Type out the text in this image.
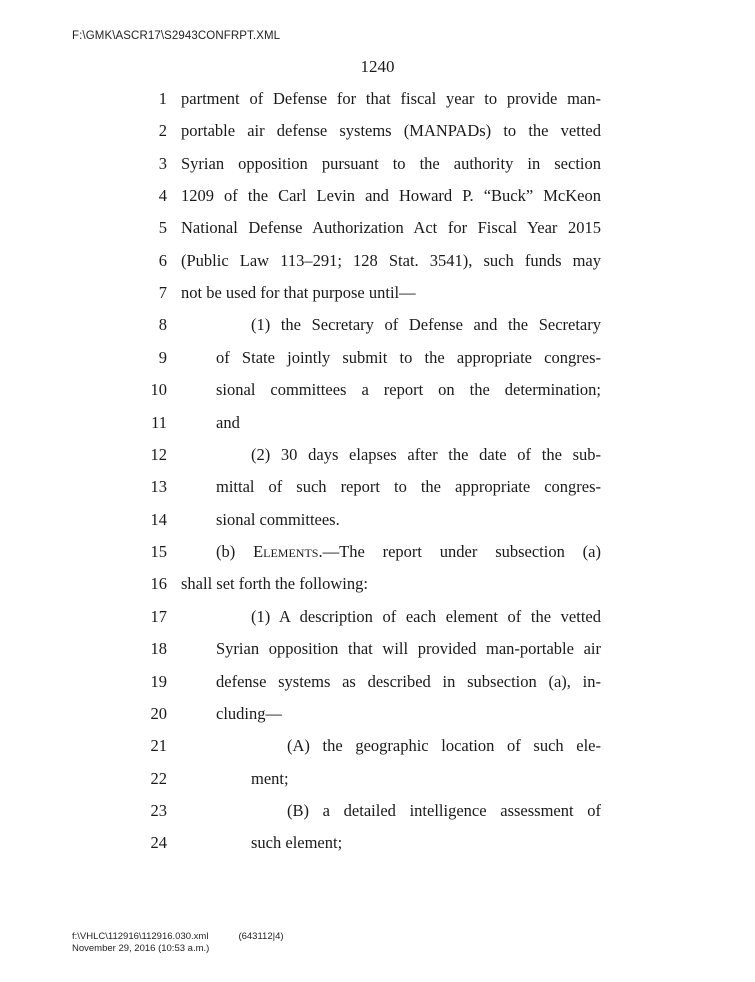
F:\GMK\ASCR17\S2943CONFRPT.XML
1240
1 partment of Defense for that fiscal year to provide man-
2 portable air defense systems (MANPADs) to the vetted
3 Syrian opposition pursuant to the authority in section
4 1209 of the Carl Levin and Howard P. “Buck” McKeon
5 National Defense Authorization Act for Fiscal Year 2015
6 (Public Law 113–291; 128 Stat. 3541), such funds may
7 not be used for that purpose until—
8	(1) the Secretary of Defense and the Secretary
9	of State jointly submit to the appropriate congres-
10	sional committees a report on the determination;
11	and
12	(2) 30 days elapses after the date of the sub-
13	mittal of such report to the appropriate congres-
14	sional committees.
15	(b) Elements.—The report under subsection (a)
16 shall set forth the following:
17	(1) A description of each element of the vetted
18	Syrian opposition that will provided man-portable air
19	defense systems as described in subsection (a), in-
20	cluding—
21	(A) the geographic location of such ele-
22	ment;
23	(B) a detailed intelligence assessment of
24	such element;
f:\VHLC\112916\112916.030.xml	(643112|4)
November 29, 2016 (10:53 a.m.)
